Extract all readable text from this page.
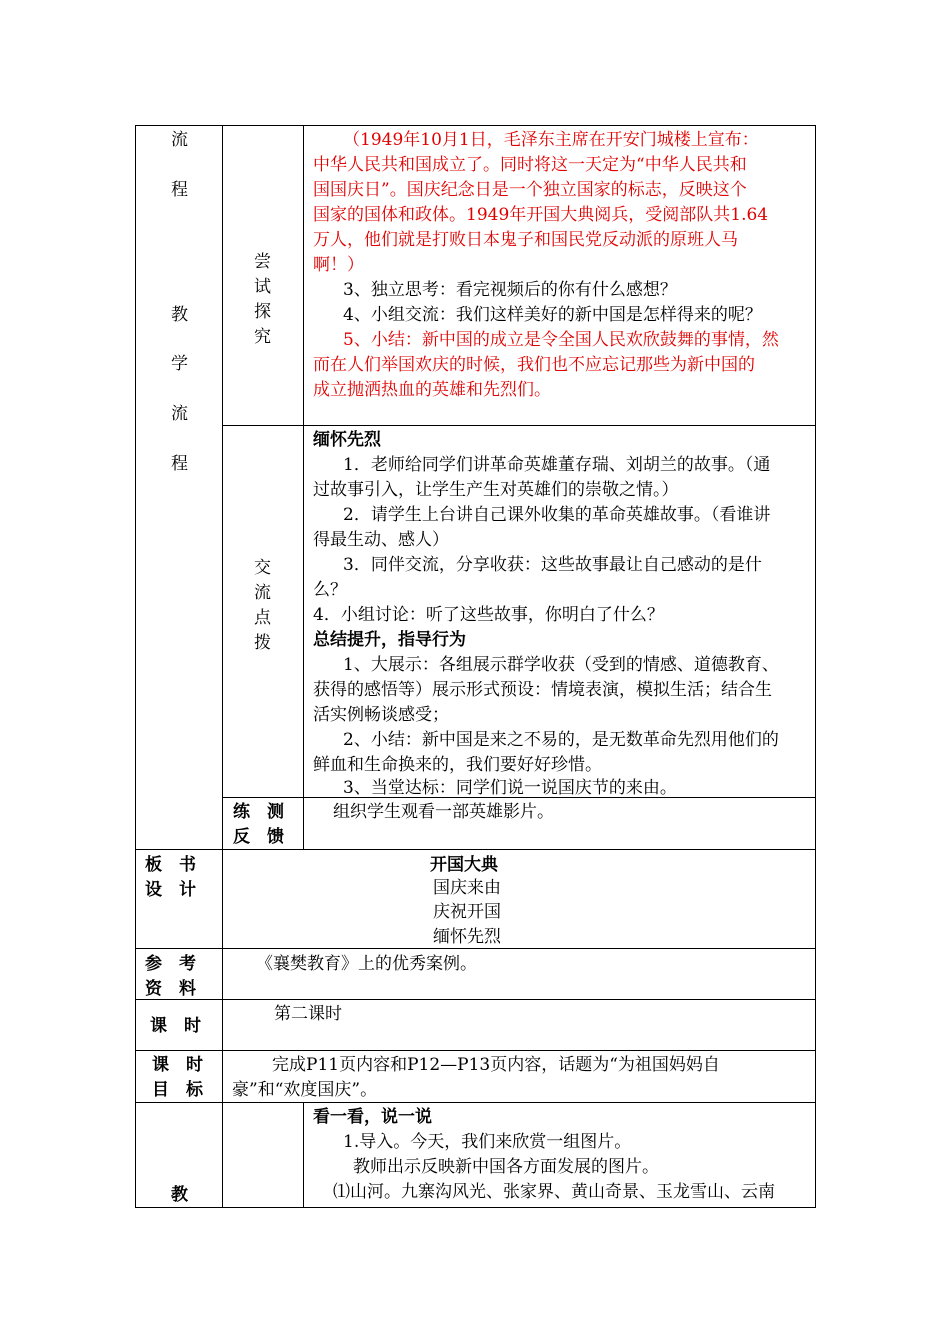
流
程
教
学
流
程
尝
试
探
究
（1949年10月1日，毛泽东主席在开安门城楼上宣布：
中华人民共和国成立了。同时将这一天定为“中华人民共和
国国庆日”。国庆纪念日是一个独立国家的标志，反映这个
国家的国体和政体。1949年开国大典阅兵，受阅部队共1.64
万人，他们就是打败日本鬼子和国民党反动派的原班人马
啊！）
3、独立思考：看完视频后的你有什么感想？
4、小组交流：我们这样美好的新中国是怎样得来的呢？
5、小结：新中国的成立是令全国人民欢欣鼓舞的事情，然
而在人们举国欢庆的时候，我们也不应忘记那些为新中国的
成立抛洒热血的英雄和先烈们。
交
流
点
拨
缅怀先烈
1．老师给同学们讲革命英雄董存瑞、刘胡兰的故事。（通
过故事引入，让学生产生对英雄们的崇敬之情。）
2．请学生上台讲自己课外收集的革命英雄故事。（看谁讲
得最生动、感人）
3．同伴交流，分享收获：这些故事最让自己感动的是什
么？
4．小组讨论：听了这些故事，你明白了什么？
总结提升，指导行为
1、大展示：各组展示群学收获（受到的情感、道德教育、
获得的感悟等）展示形式预设：情境表演，模拟生活；结合生
活实例畅谈感受；
2、小结：新中国是来之不易的，是无数革命先烈用他们的
鲜血和生命换来的，我们要好好珍惜。
3、当堂达标：同学们说一说国庆节的来由。
练　测
反　馈
组织学生观看一部英雄影片。
板　书
设　计
开国大典
国庆来由
庆祝开国
缅怀先烈
参　考
资　料
《襄樊教育》上的优秀案例。
课　时
第二课时
课　时
目　标
完成P11页内容和P12—P13页内容，话题为“为祖国妈妈自
豪”和“欢度国庆”。
教
看一看，说一说
1.导入。今天，我们来欣赏一组图片。
教师出示反映新中国各方面发展的图片。
⑴山河。九寨沟风光、张家界、黄山奇景、玉龙雪山、云南
